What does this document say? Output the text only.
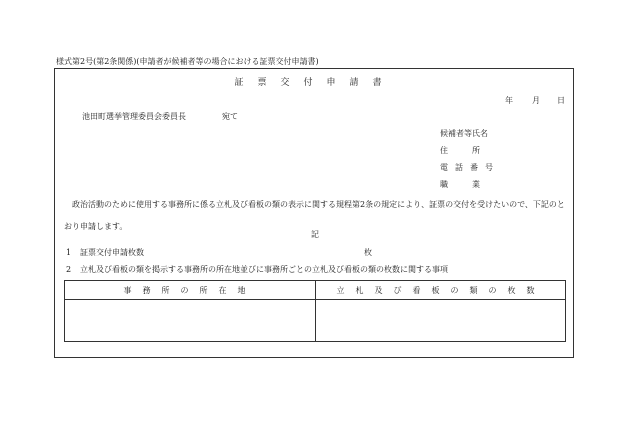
様式第2号(第2条関係)(申請者が候補者等の場合における証票交付申請書)
証票交付申請書
年 月 日
池田町選挙管理委員会委員長	宛て
候補者等氏名
住所
電話番号
職業
政治活動のために使用する事務所に係る立札及び看板の類の表示に関する規程第2条の規定により、証票の交付を受けたいので、下記のとおり申請します。
記
1 証票交付申請枚数	枚
2 立札及び看板の類を掲示する事務所の所在地並びに事務所ごとの立札及び看板の類の枚数に関する事項
事務所の所在地	立札及び看板の類の枚数
